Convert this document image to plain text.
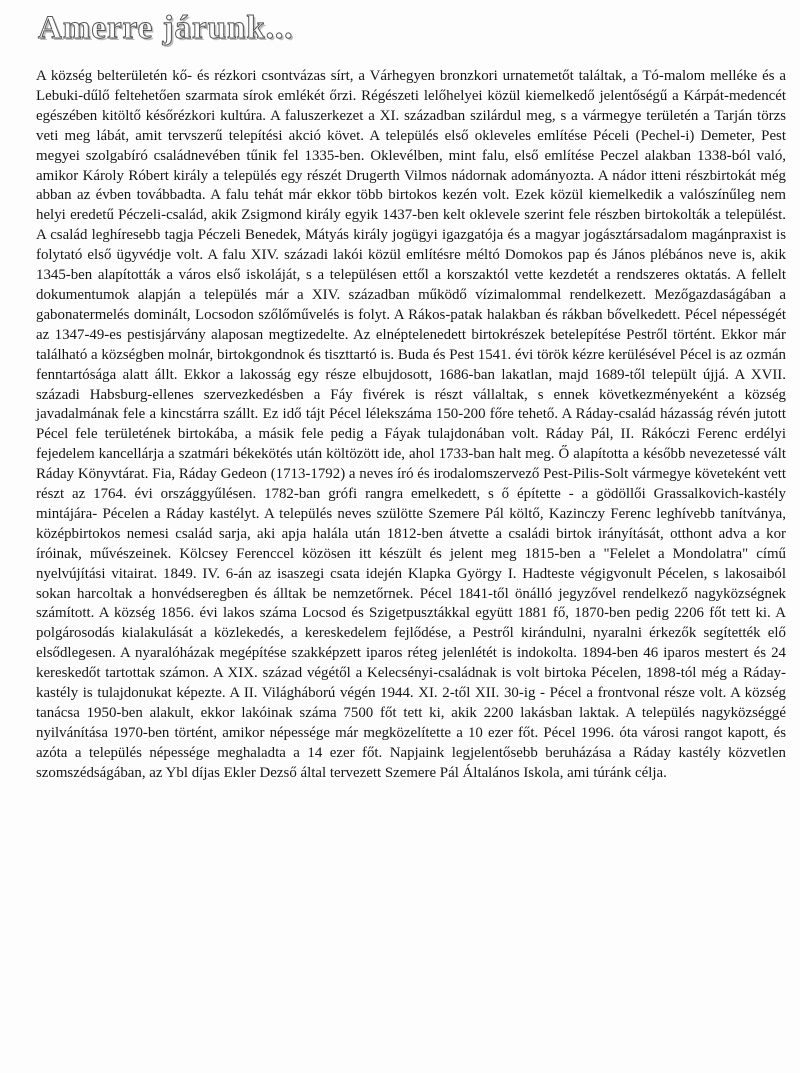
Amerre járunk...

A község belterületén kő- és rézkori csontvázas sírt, a Várhegyen bronzkori urnatemetőt találtak, a Tó-malom melléke és a Lebuki-dűlő feltehetően szarmata sírok emlékét őrzi. Régészeti lelőhelyei közül kiemelkedő jelentőségű a Kárpát-medencét egészében kitöltő későrézkori kultúra. A faluszerkezet a XI. században szilárdul meg, s a vármegye területén a Tarján törzs veti meg lábát, amit tervszerű telepítési akció követ. A település első okleveles említése Péceli (Pechel-i) Demeter, Pest megyei szolgabíró családnevében tűnik fel 1335-ben. Oklevélben, mint falu, első említése Peczel alakban 1338-ból való, amikor Károly Róbert király a település egy részét Drugerth Vilmos nádornak adományozta. A nádor itteni részbirtokát még abban az évben továbbadta. A falu tehát már ekkor több birtokos kezén volt. Ezek közül kiemelkedik a valószínűleg nem helyi eredetű Péczeli-család, akik Zsigmond király egyik 1437-ben kelt oklevele szerint fele részben birtokolták a települést. A család leghíresebb tagja Péczeli Benedek, Mátyás király jogügyi igazgatója és a magyar jogásztársadalom magánpraxist is folytató első ügyvédje volt. A falu XIV. századi lakói közül említésre méltó Domokos pap és János plébános neve is, akik 1345-ben alapították a város első iskoláját, s a településen ettől a korszaktól vette kezdetét a rendszeres oktatás. A fellelt dokumentumok alapján a település már a XIV. században működő vízimalommal rendelkezett. Mezőgazdaságában a gabonatermelés dominált, Locsodon szőlőművelés is folyt. A Rákos-patak halakban és rákban bővelkedett. Pécel népességét az 1347-49-es pestisjárvány alaposan megtizedelte. Az elnéptelenedett birtokrészek betelepítése Pestről történt. Ekkor már található a községben molnár, birtokgondnok és tiszttartó is. Buda és Pest 1541. évi török kézre kerülésével Pécel is az ozmán fenntartósága alatt állt. Ekkor a lakosság egy része elbujdosott, 1686-ban lakatlan, majd 1689-től települt újjá. A XVII. századi Habsburg-ellenes szervezkedésben a Fáy fivérek is részt vállaltak, s ennek következményeként a község javadalmának fele a kincstárra szállt. Ez idő tájt Pécel lélekszáma 150-200 főre tehető. A Ráday-család házasság révén jutott Pécel fele területének birtokába, a másik fele pedig a Fáyak tulajdonában volt. Ráday Pál, II. Rákóczi Ferenc erdélyi fejedelem kancellárja a szatmári békekötés után költözött ide, ahol 1733-ban halt meg. Ő alapította a később nevezetessé vált Ráday Könyvtárat. Fia, Ráday Gedeon (1713-1792) a neves író és irodalomszervező Pest-Pilis-Solt vármegye követeként vett részt az 1764. évi országgyűlésen. 1782-ban grófi rangra emelkedett, s ő építette - a gödöllői Grassalkovich-kastély mintájára- Pécelen a Ráday kastélyt. A település neves szülötte Szemere Pál költő, Kazinczy Ferenc leghívebb tanítványa, középbirtokos nemesi család sarja, aki apja halála után 1812-ben átvette a családi birtok irányítását, otthont adva a kor íróinak, művészeinek. Kölcsey Ferenccel közösen itt készült és jelent meg 1815-ben a "Felelet a Mondolatra" című nyelvújítási vitairat. 1849. IV. 6-án az isaszegi csata idején Klapka György I. Hadteste végigvonult Pécelen, s lakosaiból sokan harcoltak a honvédseregben és álltak be nemzetőrnek. Pécel 1841-től önálló jegyzővel rendelkező nagyközségnek számított. A község 1856. évi lakos száma Locsod és Szigetpusztákkal együtt 1881 fő, 1870-ben pedig 2206 főt tett ki. A polgárosodás kialakulását a közlekedés, a kereskedelem fejlődése, a Pestről kirándulni, nyaralni érkezők segítették elő elsődlegesen. A nyaralóházak megépítése szakképzett iparos réteg jelenlétét is indokolta. 1894-ben 46 iparos mestert és 24 kereskedőt tartottak számon. A XIX. század végétől a Kelecsényi-családnak is volt birtoka Pécelen, 1898-tól még a Ráday-kastély is tulajdonukat képezte. A II. Világháború végén 1944. XI. 2-től XII. 30-ig - Pécel a frontvonal része volt. A község tanácsa 1950-ben alakult, ekkor lakóinak száma 7500 főt tett ki, akik 2200 lakásban laktak. A település nagyközséggé nyilvánítása 1970-ben történt, amikor népessége már megközelítette a 10 ezer főt. Pécel 1996. óta városi rangot kapott, és azóta a település népessége meghaladta a 14 ezer főt. Napjaink legjelentősebb beruházása a Ráday kastély közvetlen szomszédságában, az Ybl díjas Ekler Dezső által tervezett Szemere Pál Általános Iskola, ami túránk célja.
